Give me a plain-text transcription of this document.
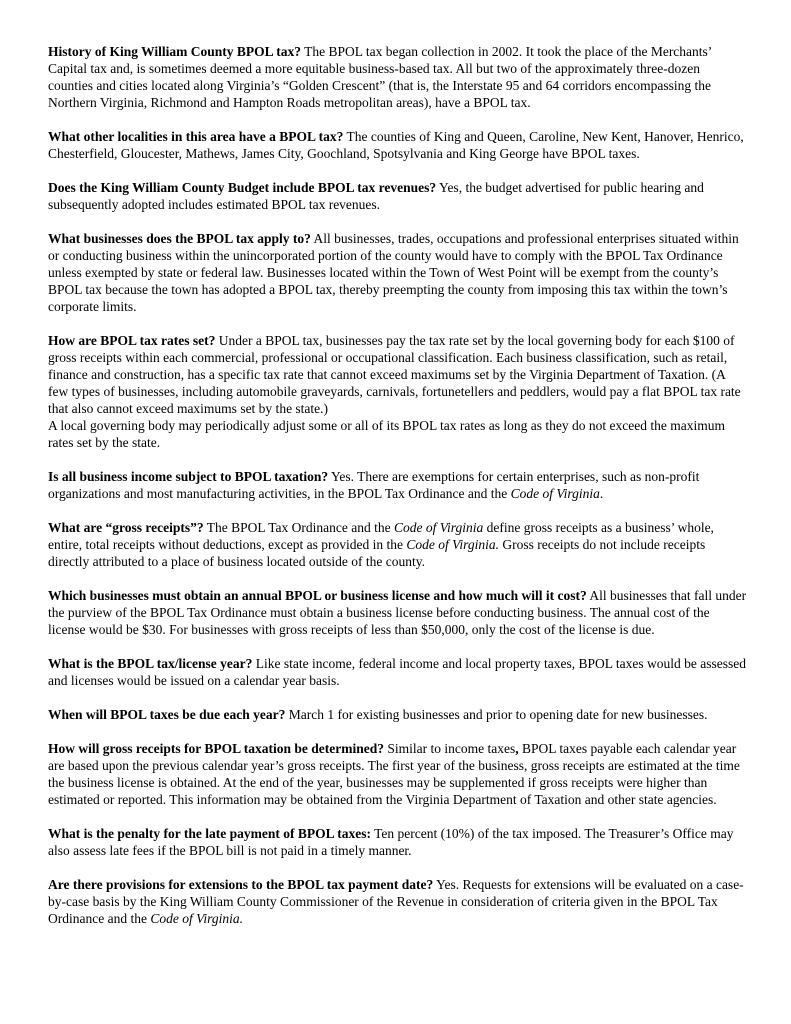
History of King William County BPOL tax? The BPOL tax began collection in 2002. It took the place of the Merchants’ Capital tax and, is sometimes deemed a more equitable business-based tax. All but two of the approximately three-dozen counties and cities located along Virginia’s “Golden Crescent” (that is, the Interstate 95 and 64 corridors encompassing the Northern Virginia, Richmond and Hampton Roads metropolitan areas), have a BPOL tax.

What other localities in this area have a BPOL tax? The counties of King and Queen, Caroline, New Kent, Hanover, Henrico, Chesterfield, Gloucester, Mathews, James City, Goochland, Spotsylvania and King George have BPOL taxes.

Does the King William County Budget include BPOL tax revenues? Yes, the budget advertised for public hearing and subsequently adopted includes estimated BPOL tax revenues.

What businesses does the BPOL tax apply to? All businesses, trades, occupations and professional enterprises situated within or conducting business within the unincorporated portion of the county would have to comply with the BPOL Tax Ordinance unless exempted by state or federal law. Businesses located within the Town of West Point will be exempt from the county’s BPOL tax because the town has adopted a BPOL tax, thereby preempting the county from imposing this tax within the town’s corporate limits.

How are BPOL tax rates set? Under a BPOL tax, businesses pay the tax rate set by the local governing body for each $100 of gross receipts within each commercial, professional or occupational classification. Each business classification, such as retail, finance and construction, has a specific tax rate that cannot exceed maximums set by the Virginia Department of Taxation. (A few types of businesses, including automobile graveyards, carnivals, fortunetellers and peddlers, would pay a flat BPOL tax rate that also cannot exceed maximums set by the state.)

A local governing body may periodically adjust some or all of its BPOL tax rates as long as they do not exceed the maximum rates set by the state.

Is all business income subject to BPOL taxation? Yes. There are exemptions for certain enterprises, such as non-profit organizations and most manufacturing activities, in the BPOL Tax Ordinance and the Code of Virginia.

What are “gross receipts”? The BPOL Tax Ordinance and the Code of Virginia define gross receipts as a business’ whole, entire, total receipts without deductions, except as provided in the Code of Virginia. Gross receipts do not include receipts directly attributed to a place of business located outside of the county.

Which businesses must obtain an annual BPOL or business license and how much will it cost? All businesses that fall under the purview of the BPOL Tax Ordinance must obtain a business license before conducting business. The annual cost of the license would be $30. For businesses with gross receipts of less than $50,000, only the cost of the license is due.

What is the BPOL tax/license year? Like state income, federal income and local property taxes, BPOL taxes would be assessed and licenses would be issued on a calendar year basis.

When will BPOL taxes be due each year? March 1 for existing businesses and prior to opening date for new businesses.

How will gross receipts for BPOL taxation be determined? Similar to income taxes, BPOL taxes payable each calendar year are based upon the previous calendar year’s gross receipts. The first year of the business, gross receipts are estimated at the time the business license is obtained. At the end of the year, businesses may be supplemented if gross receipts were higher than estimated or reported. This information may be obtained from the Virginia Department of Taxation and other state agencies.

What is the penalty for the late payment of BPOL taxes: Ten percent (10%) of the tax imposed. The Treasurer’s Office may also assess late fees if the BPOL bill is not paid in a timely manner.

Are there provisions for extensions to the BPOL tax payment date? Yes. Requests for extensions will be evaluated on a case-by-case basis by the King William County Commissioner of the Revenue in consideration of criteria given in the BPOL Tax Ordinance and the Code of Virginia.
